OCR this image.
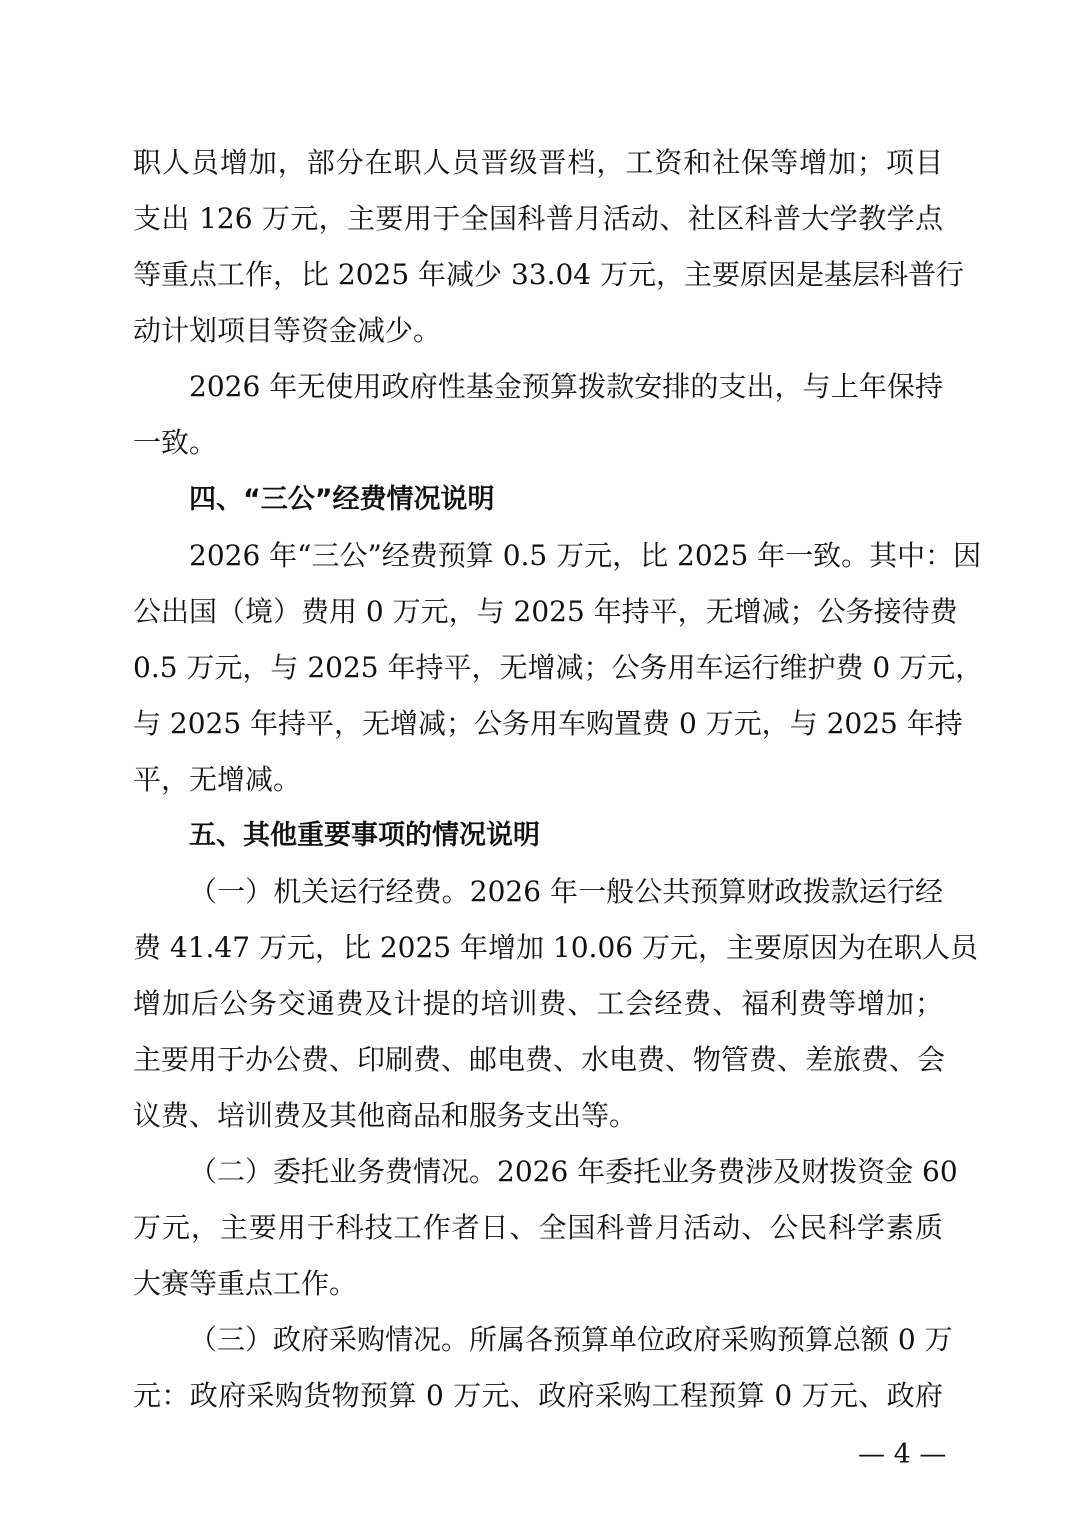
职人员增加，部分在职人员晋级晋档，工资和社保等增加；项目
支出 126 万元，主要用于全国科普月活动、社区科普大学教学点
等重点工作，比 2025 年减少 33.04 万元，主要原因是基层科普行
动计划项目等资金减少。
2026 年无使用政府性基金预算拨款安排的支出，与上年保持
一致。
四、“三公”经费情况说明
2026 年“三公”经费预算 0.5 万元，比 2025 年一致。其中：因
公出国（境）费用 0 万元，与 2025 年持平，无增减；公务接待费
0.5 万元，与 2025 年持平，无增减；公务用车运行维护费 0 万元，
与 2025 年持平，无增减；公务用车购置费 0 万元，与 2025 年持
平，无增减。
五、其他重要事项的情况说明
（一）机关运行经费。2026 年一般公共预算财政拨款运行经
费 41.47 万元，比 2025 年增加 10.06 万元，主要原因为在职人员
增加后公务交通费及计提的培训费、工会经费、福利费等增加；
主要用于办公费、印刷费、邮电费、水电费、物管费、差旅费、会
议费、培训费及其他商品和服务支出等。
（二）委托业务费情况。2026 年委托业务费涉及财拨资金 60
万元，主要用于科技工作者日、全国科普月活动、公民科学素质
大赛等重点工作。
（三）政府采购情况。所属各预算单位政府采购预算总额 0 万
元：政府采购货物预算 0 万元、政府采购工程预算 0 万元、政府
— 4 —
